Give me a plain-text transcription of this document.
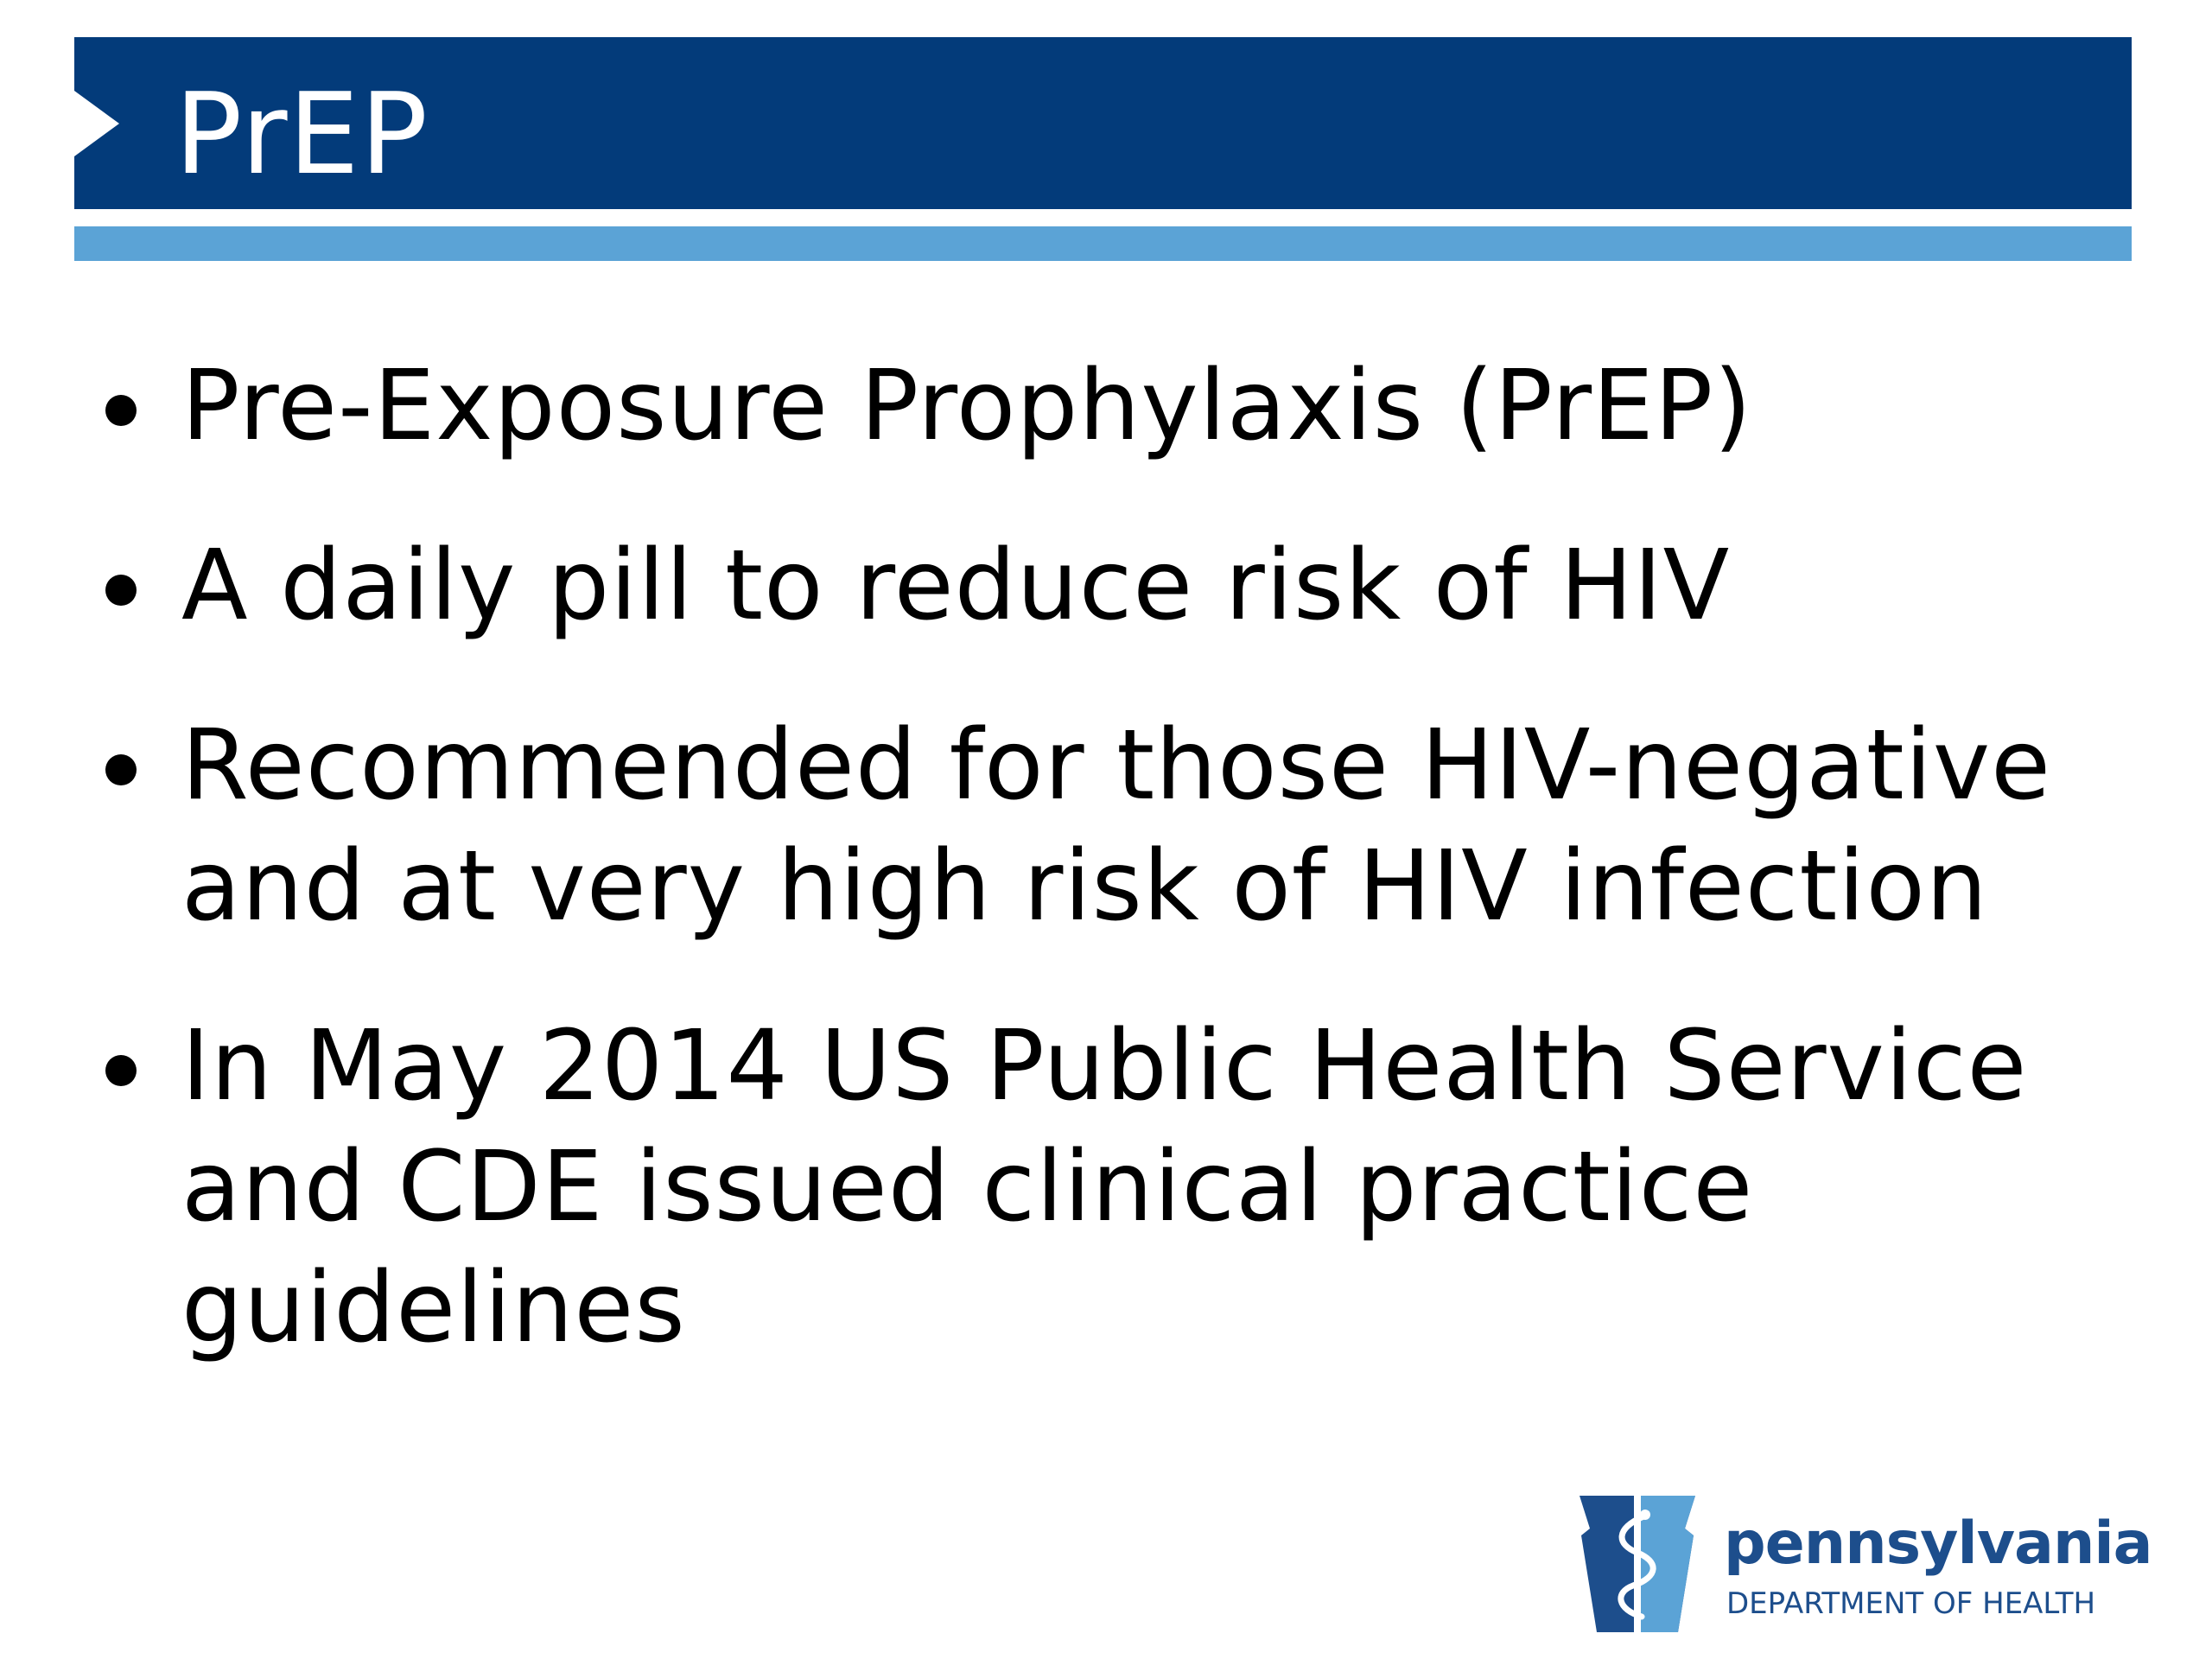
PrEP
Pre-Exposure Prophylaxis (PrEP)
A daily pill to reduce risk of HIV
Recommended for those HIV-negative and at very high risk of HIV infection
In May 2014 US Public Health Service and CDE issued clinical practice guidelines
pennsylvania
DEPARTMENT OF HEALTH
